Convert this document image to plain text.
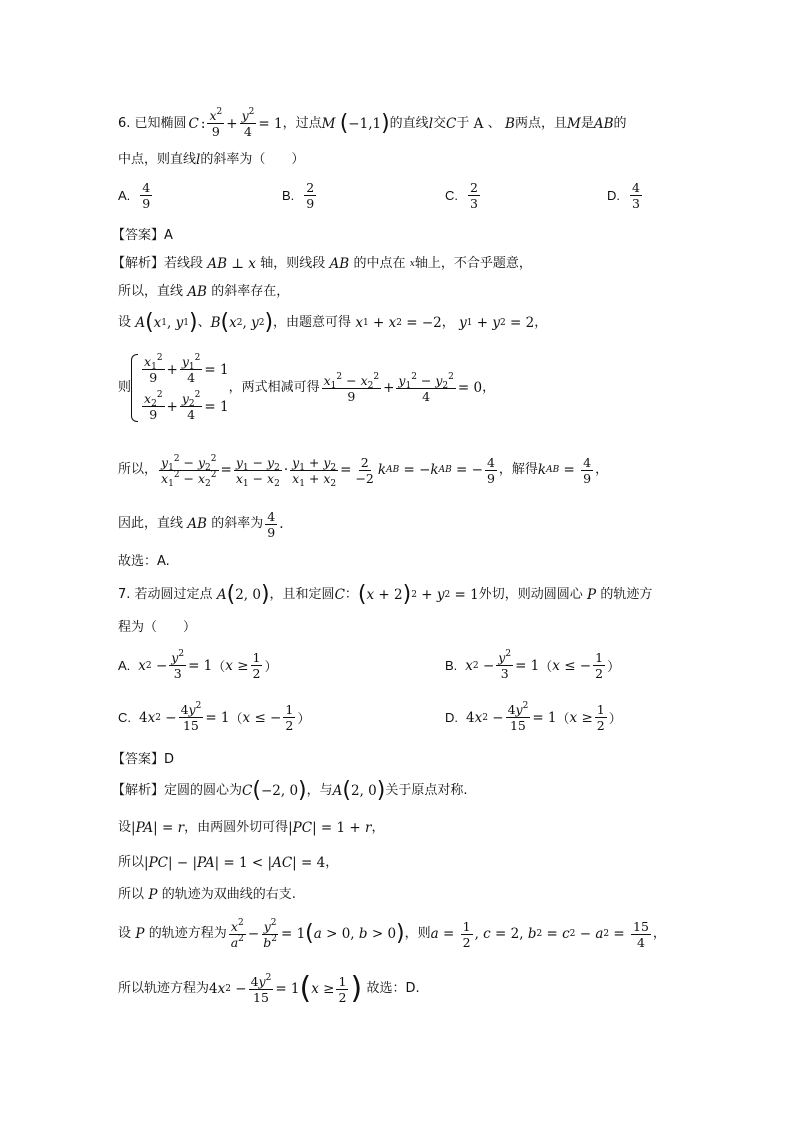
6. 已知椭圆 C : $\frac{x^2}{9} + \frac{y^2}{4} = 1$ ，过点 M
( −1,1 ) 的直线 l 交 C 于 A 、
B 两点，且 M 是 AB 的
中点，则直线 l 的斜率为（　　）
A. $\frac{4}{9}$	B. $\frac{2}{9}$	C. $\frac{2}{3}$	D. $\frac{4}{3}$
【答案】A
【解析】 若线段
AB ⊥ x
轴，则线段
AB
的中点在
x 轴上，不合乎题意，
所以，直线
AB
的斜率存在，
设
A ( x 1 , y 1 ) 、 B ( x 2 , y 2 ) ，由题意可得
x 1 + x 2 = −2 ，
y 1 + y 2 = 2 ，
则
$\frac{x_1^2}{9} + \frac{y_1^2}{4} = 1$
$\frac{x_2^2}{9} + \frac{y_2^2}{4} = 1$
，两式相减可得 $\frac{x_1^2 - x_2^2}{9} + \frac{y_1^2 - y_2^2}{4} = 0$ ，
所以， $\frac{y_1^2 - y_2^2}{x_1^2 - x_2^2} = \frac{y_1 - y_2}{x_1 - x_2} \cdot \frac{y_1 + y_2}{x_1 + x_2} = \frac{2}{-2}$ k AB = − k AB = − $\frac{4}{9}$ ，解得 k AB = $\frac{4}{9}$ ，
因此，直线
AB
的斜率为 $\frac{4}{9}$ .
故选：A.
7. 若动圆过定点
A ( 2, 0 ) ，且和定圆 C ： ( x + 2 ) 2 + y 2 = 1 外切，则动圆圆心
P
的轨迹方
程为（　　）
A. x $2 - \frac{y^2}{3} = 1$ （ $x \ge \frac{1}{2}$ ）	B. x $2 - \frac{y^2}{3} = 1$ （ x ≤ − $\frac{1}{2}$ ）
C. 4 x $2 - \frac{4y^2}{15} = 1$ （ x ≤ − $\frac{1}{2}$ ）	D. 4 x $2 - \frac{4y^2}{15} = 1$ （ $x \ge \frac{1}{2}$ ）
【答案】D
【解析】 定圆的圆心为 C ( −2, 0 ) ，与 A ( 2, 0 ) 关于原点对称.
设 | PA | = r ，由两圆外切可得 | PC | = 1 + r ，
所以 | PC | − | PA | = 1 < | AC | = 4 ，
所以
P
的轨迹为双曲线的右支.
设
P
的轨迹方程为 $\frac{x^2}{a^2} - \frac{y^2}{b^2} = 1$ ( a > 0, b > 0 ) ，则 $a = \frac{1}{2}$ , c = 2, b 2 = c 2 − a $2 = \frac{15}{4}$ ，
所以轨迹方程为 4 x $2 - \frac{4y^2}{15} = 1$ ( $x \ge \frac{1}{2}$ )
故选：D.
